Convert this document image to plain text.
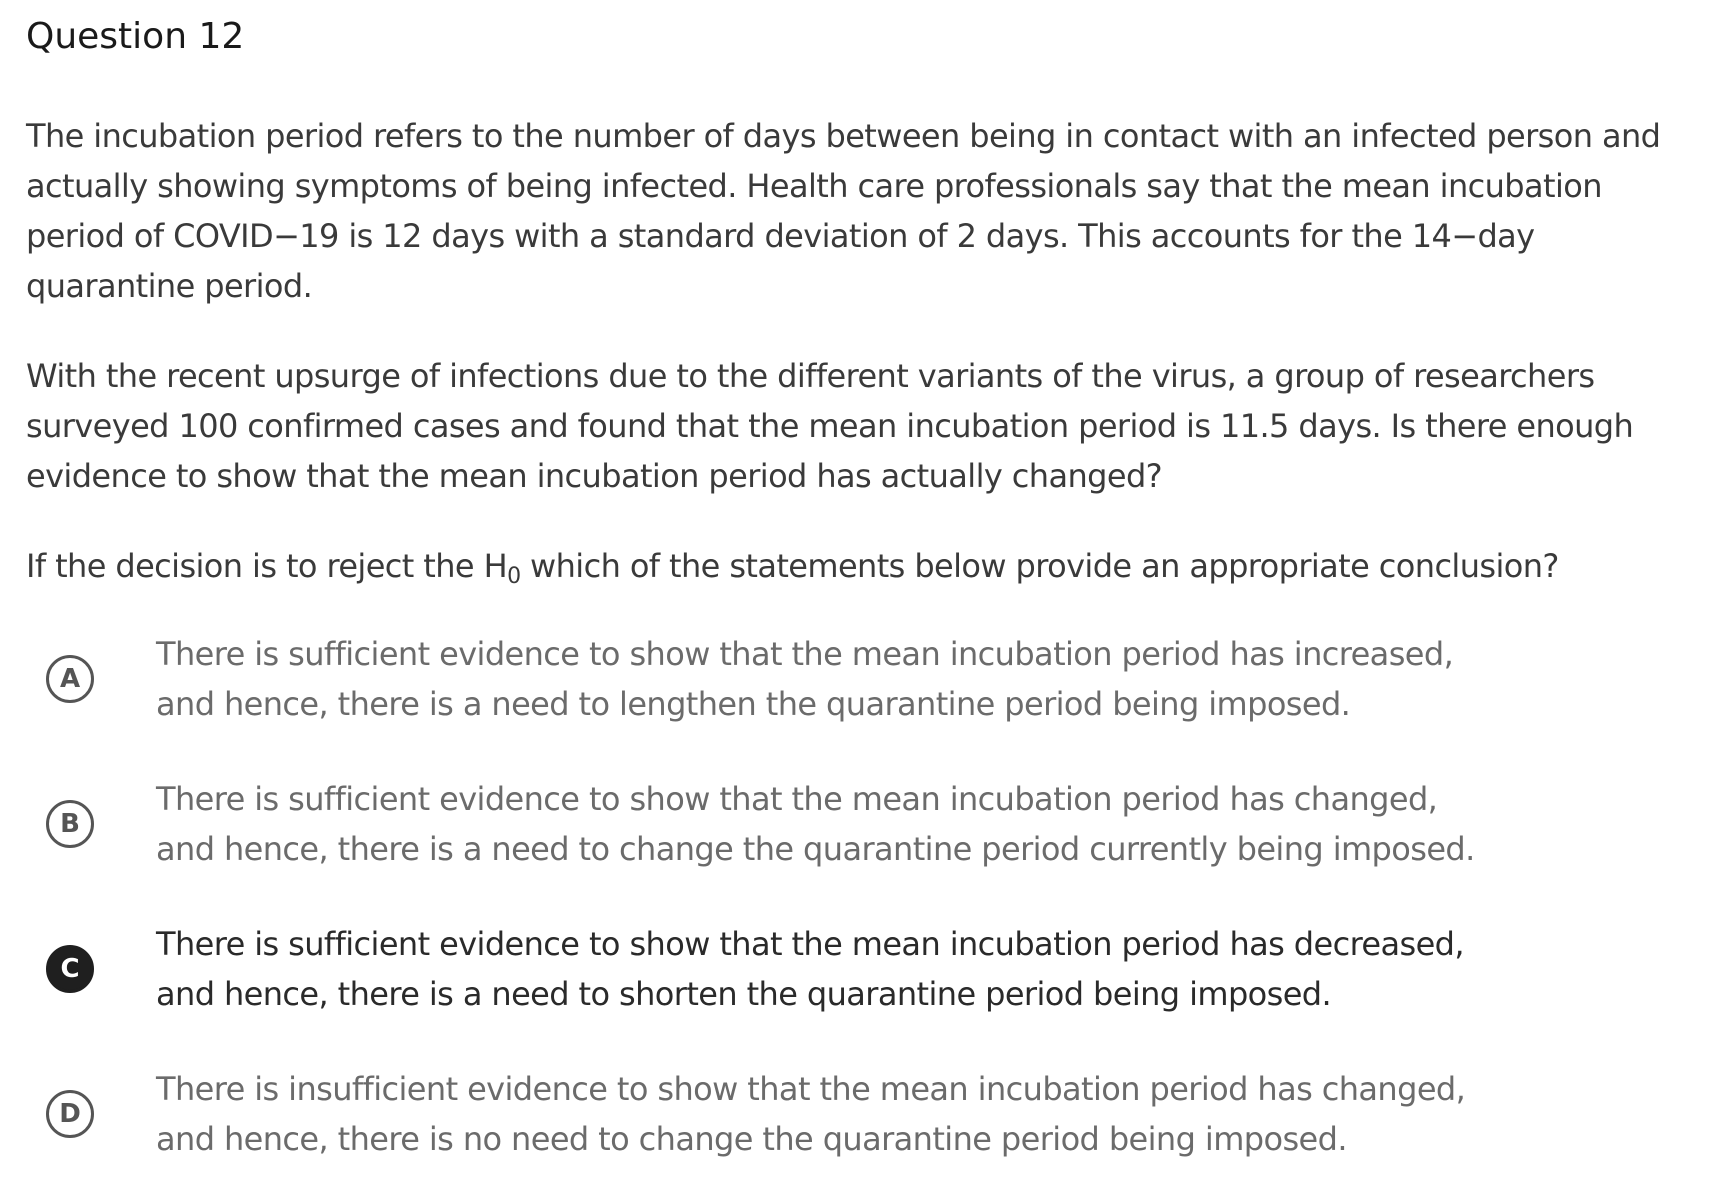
Question 12

The incubation period refers to the number of days between being in contact with an infected person and actually showing symptoms of being infected. Health care professionals say that the mean incubation period of COVID−19 is 12 days with a standard deviation of 2 days. This accounts for the 14−day quarantine period.

With the recent upsurge of infections due to the different variants of the virus, a group of researchers surveyed 100 confirmed cases and found that the mean incubation period is 11.5 days. Is there enough evidence to show that the mean incubation period has actually changed?

If the decision is to reject the $H_0$ which of the statements below provide an appropriate conclusion?

A
There is sufficient evidence to show that the mean incubation period has increased,
and hence, there is a need to lengthen the quarantine period being imposed.
B
There is sufficient evidence to show that the mean incubation period has changed,
and hence, there is a need to change the quarantine period currently being imposed.
C
There is sufficient evidence to show that the mean incubation period has decreased,
and hence, there is a need to shorten the quarantine period being imposed.
D
There is insufficient evidence to show that the mean incubation period has changed,
and hence, there is no need to change the quarantine period being imposed.
